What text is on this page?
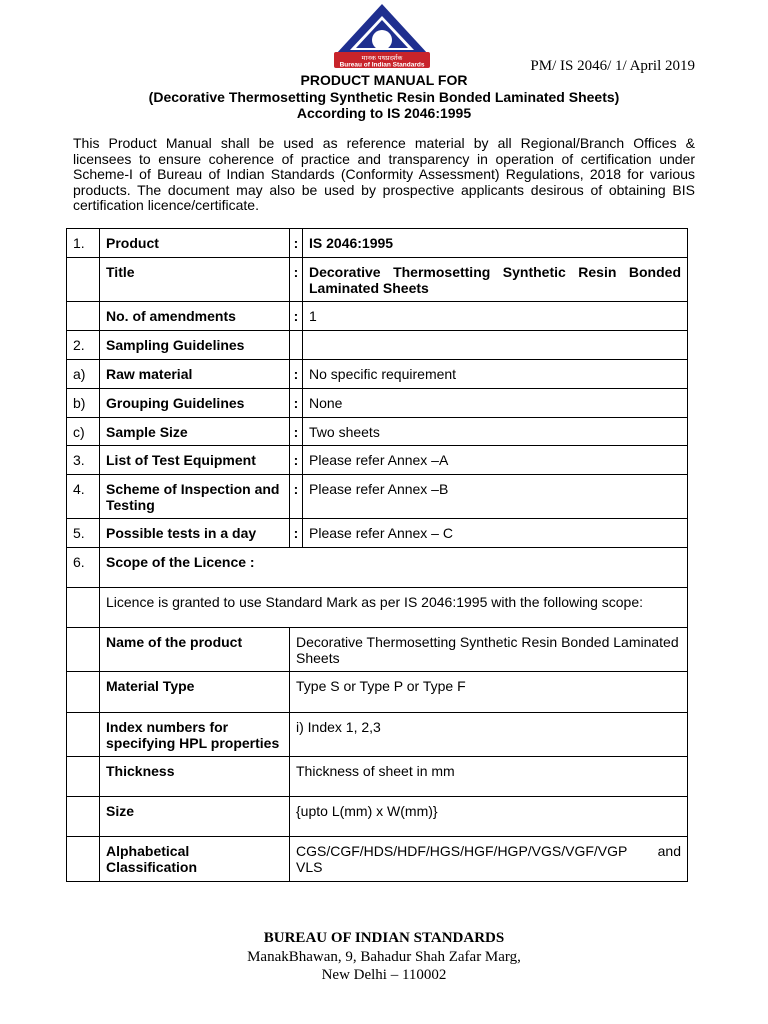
मानक पथप्रदर्शक
Bureau of Indian Standards	PM/ IS 2046/ 1/ April 2019
PRODUCT MANUAL FOR
(Decorative Thermosetting Synthetic Resin Bonded Laminated Sheets)
According to IS 2046:1995
This Product Manual shall be used as reference material by all Regional/Branch Offices &
licensees to ensure coherence of practice and transparency in operation of certification under
Scheme-I of Bureau of Indian Standards (Conformity Assessment) Regulations, 2018 for various
products. The document may also be used by prospective applicants desirous of obtaining BIS
certification licence/certificate.
1.	Product	:	IS 2046:1995
	Title	:	Decorative Thermosetting Synthetic Resin Bonded
Laminated Sheets

	No. of amendments	:	1
2.	Sampling Guidelines		
a)	Raw material	:	No specific requirement
b)	Grouping Guidelines	:	None
c)	Sample Size	:	Two sheets
3.	List of Test Equipment	:	Please refer Annex –A
4.	Scheme of Inspection and Testing	:	Please refer Annex –B
5.	Possible tests in a day	:	Please refer Annex – C
6.	Scope of the Licence :		
	Licence is granted to use Standard Mark as per IS 2046:1995 with the following scope:		
	Name of the product	Decorative Thermosetting Synthetic Resin Bonded Laminated Sheets
	Material Type	Type S or Type P or Type F
	Index numbers for specifying HPL properties	i) Index 1, 2,3
	Thickness	Thickness of sheet in mm
	Size	{upto L(mm) x W(mm)}
	Alphabetical Classification	CGS/CGF/HDS/HDF/HGS/HGF/HGP/VGS/VGF/VGP and
VLS
BUREAU OF INDIAN STANDARDS
ManakBhawan, 9, Bahadur Shah Zafar Marg,
New Delhi – 110002
